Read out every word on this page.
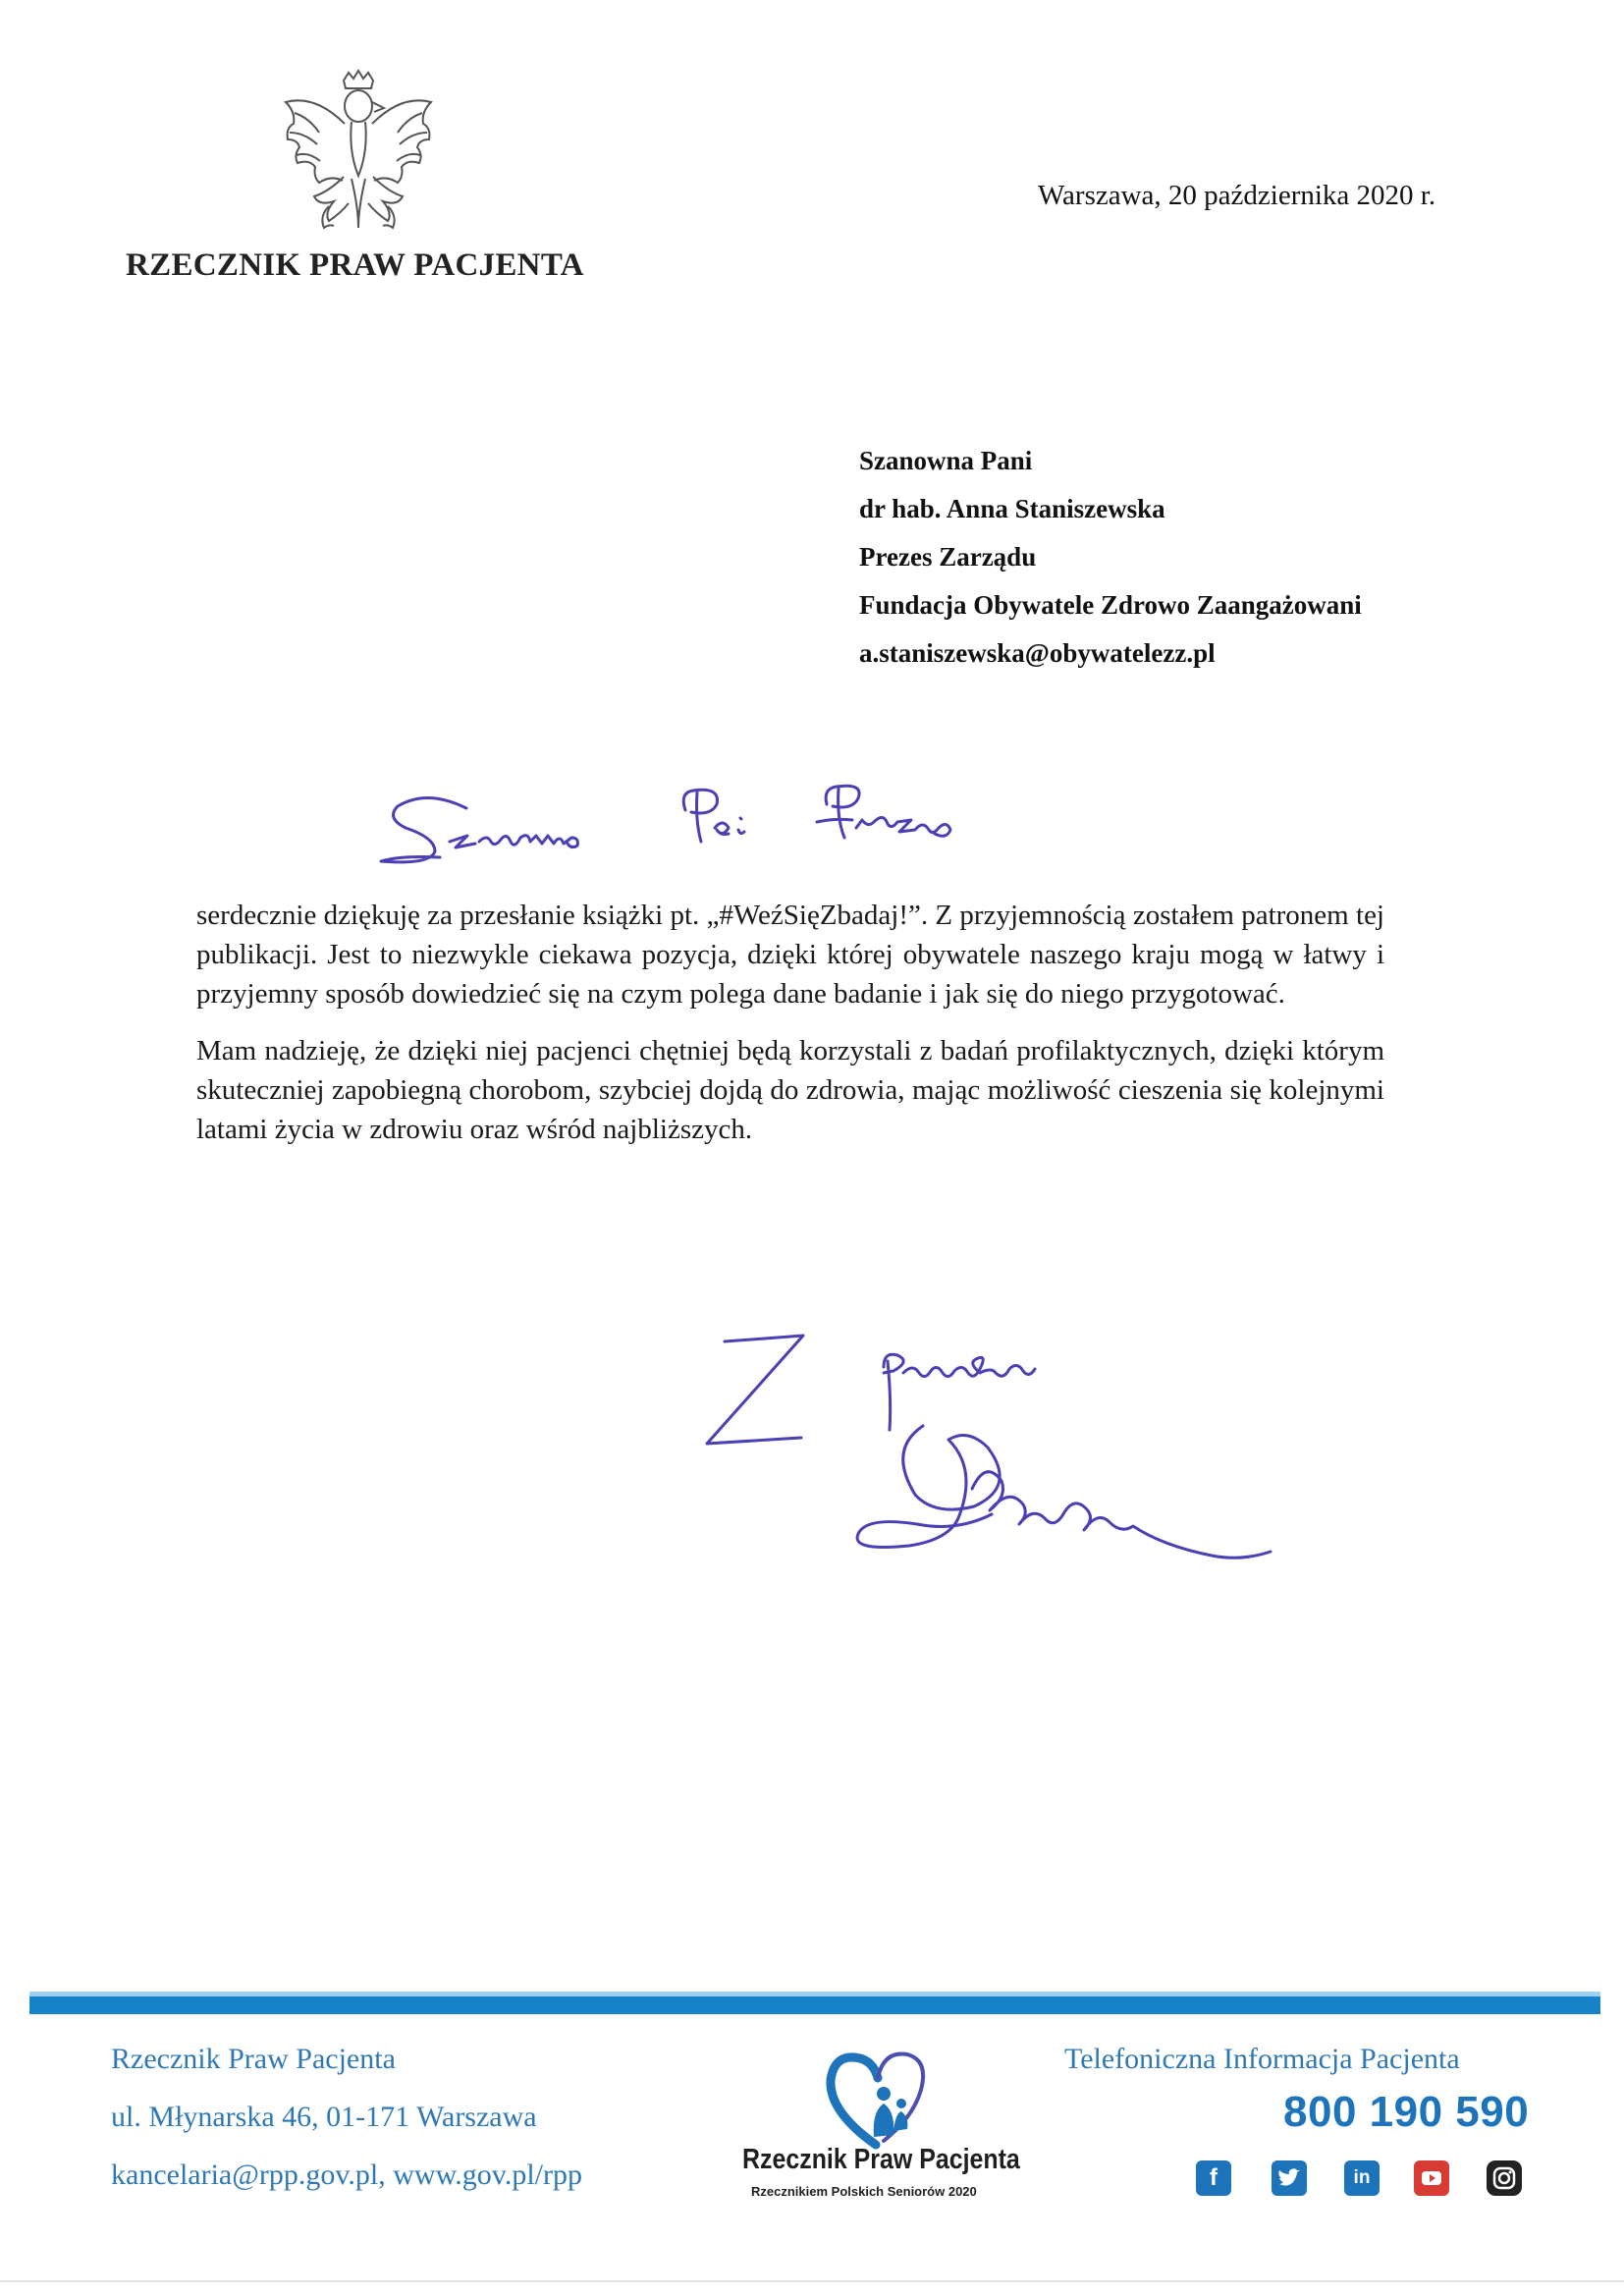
RZECZNIK PRAW PACJENTA
Warszawa, 20 października 2020 r.
Szanowna Pani
dr hab. Anna Staniszewska
Prezes Zarządu
Fundacja Obywatele Zdrowo Zaangażowani
a.staniszewska@obywatelezz.pl

serdecznie dziękuję za przesłanie książki pt. „#WeźSięZbadaj!”. Z przyjemnością zostałem patronem tej publikacji. Jest to niezwykle ciekawa pozycja, dzięki której obywatele naszego kraju mogą w łatwy i przyjemny sposób dowiedzieć się na czym polega dane badanie i jak się do niego przygotować.

Mam nadzieję, że dzięki niej pacjenci chętniej będą korzystali z badań profilaktycznych, dzięki którym skuteczniej zapobiegną chorobom, szybciej dojdą do zdrowia, mając możliwość cieszenia się kolejnymi latami życia w zdrowiu oraz wśród najbliższych.

Rzecznik Praw Pacjenta
ul. Młynarska 46, 01-171 Warszawa
kancelaria@rpp.gov.pl, www.gov.pl/rpp	Rzecznik Praw Pacjenta
Rzecznikiem Polskich Seniorów 2020
Telefoniczna Informacja Pacjenta
800 190 590
f	in
